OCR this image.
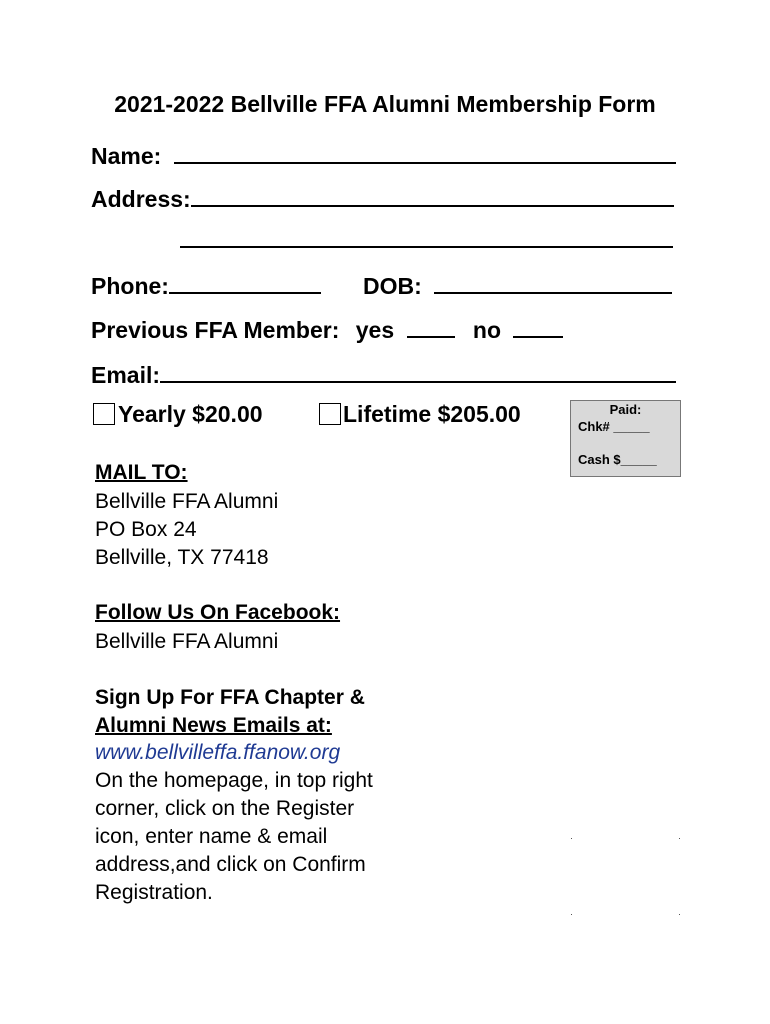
2021-2022 Bellville FFA Alumni Membership Form
Name:
Address:
Phone:	DOB:
Previous FFA Member: yes	no
Email:
Yearly $20.00	Lifetime $205.00	Paid:
Chk# _____
Cash $_____
MAIL TO:
Bellville FFA Alumni
PO Box 24
Bellville, TX 77418
Follow Us On Facebook:
Bellville FFA Alumni
Sign Up For FFA Chapter &
Alumni News Emails at:
www.bellvilleffa.ffanow.org
On the homepage, in top right
corner, click on the Register
icon, enter name & email
address,and click on Confirm
Registration.
